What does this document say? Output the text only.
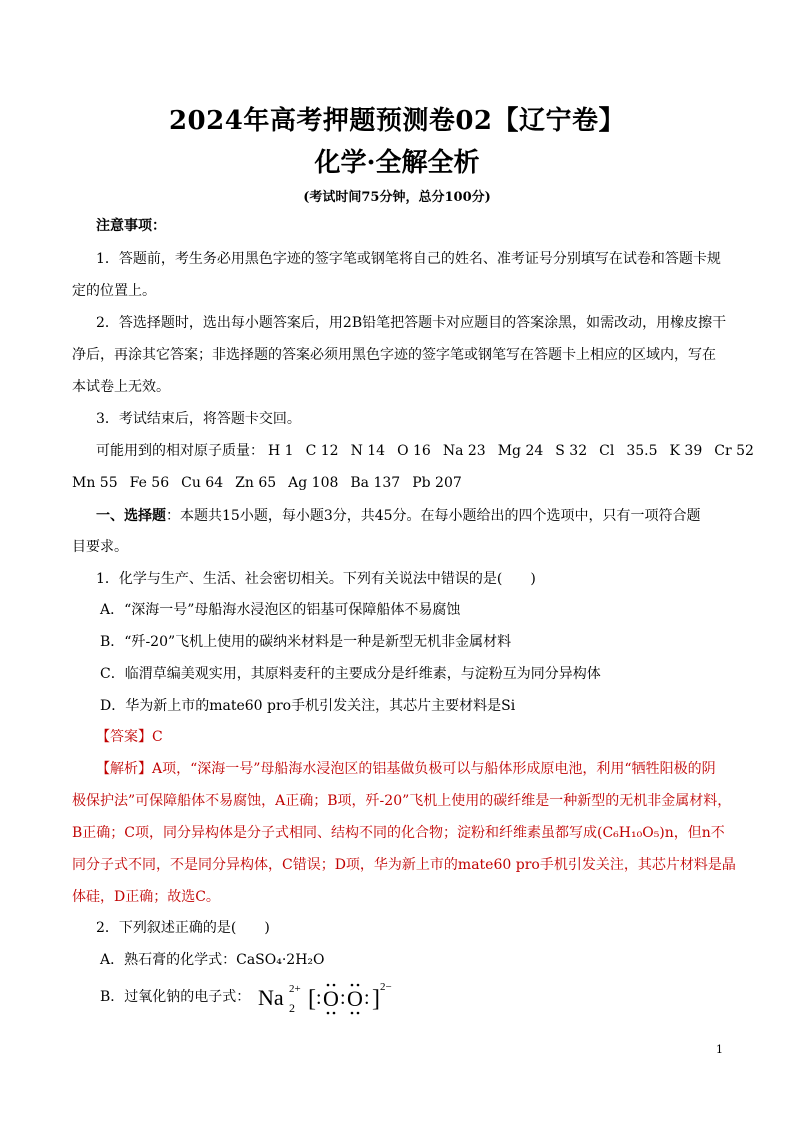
2024年高考押题预测卷02【辽宁卷】
化学·全解全析
(考试时间75分钟，总分100分)
注意事项：
1．答题前，考生务必用黑色字迹的签字笔或钢笔将自己的姓名、准考证号分别填写在试卷和答题卡规
定的位置上。
2．答选择题时，选出每小题答案后，用2B铅笔把答题卡对应题目的答案涂黑，如需改动，用橡皮擦干
净后，再涂其它答案；非选择题的答案必须用黑色字迹的签字笔或钢笔写在答题卡上相应的区域内，写在
本试卷上无效。
3．考试结束后，将答题卡交回。
可能用到的相对原子质量： H 1 C 12 N 14 O 16 Na 23 Mg 24 S 32 Cl 35.5 K 39 Cr 52
Mn 55 Fe 56 Cu 64 Zn 65 Ag 108 Ba 137 Pb 207
一、选择题：本题共15小题，每小题3分，共45分。在每小题给出的四个选项中，只有一项符合题
目要求。
1．化学与生产、生活、社会密切相关。下列有关说法中错误的是(　　)
A．“深海一号”母船海水浸泡区的铝基可保障船体不易腐蚀
B．“歼-20”飞机上使用的碳纳米材料是一种是新型无机非金属材料
C．临渭草编美观实用，其原料麦秆的主要成分是纤维素，与淀粉互为同分异构体
D．华为新上市的mate60 pro手机引发关注，其芯片主要材料是Si
【答案】C
【解析】A项，“深海一号”母船海水浸泡区的铝基做负极可以与船体形成原电池，利用“牺牲阳极的阴
极保护法”可保障船体不易腐蚀，A正确；B项，歼-20”飞机上使用的碳纤维是一种新型的无机非金属材料，
B正确；C项，同分异构体是分子式相同、结构不同的化合物；淀粉和纤维素虽都写成(C₆H₁₀O₅)n，但n不
同分子式不同，不是同分异构体，C错误；D项，华为新上市的mate60 pro手机引发关注，其芯片材料是晶
体硅，D正确；故选C。
2．下列叙述正确的是(　　)
A．熟石膏的化学式：CaSO₄·2H₂O
B．过氧化钠的电子式： Na 2
2+ [ : O : O : ] 2−
1
